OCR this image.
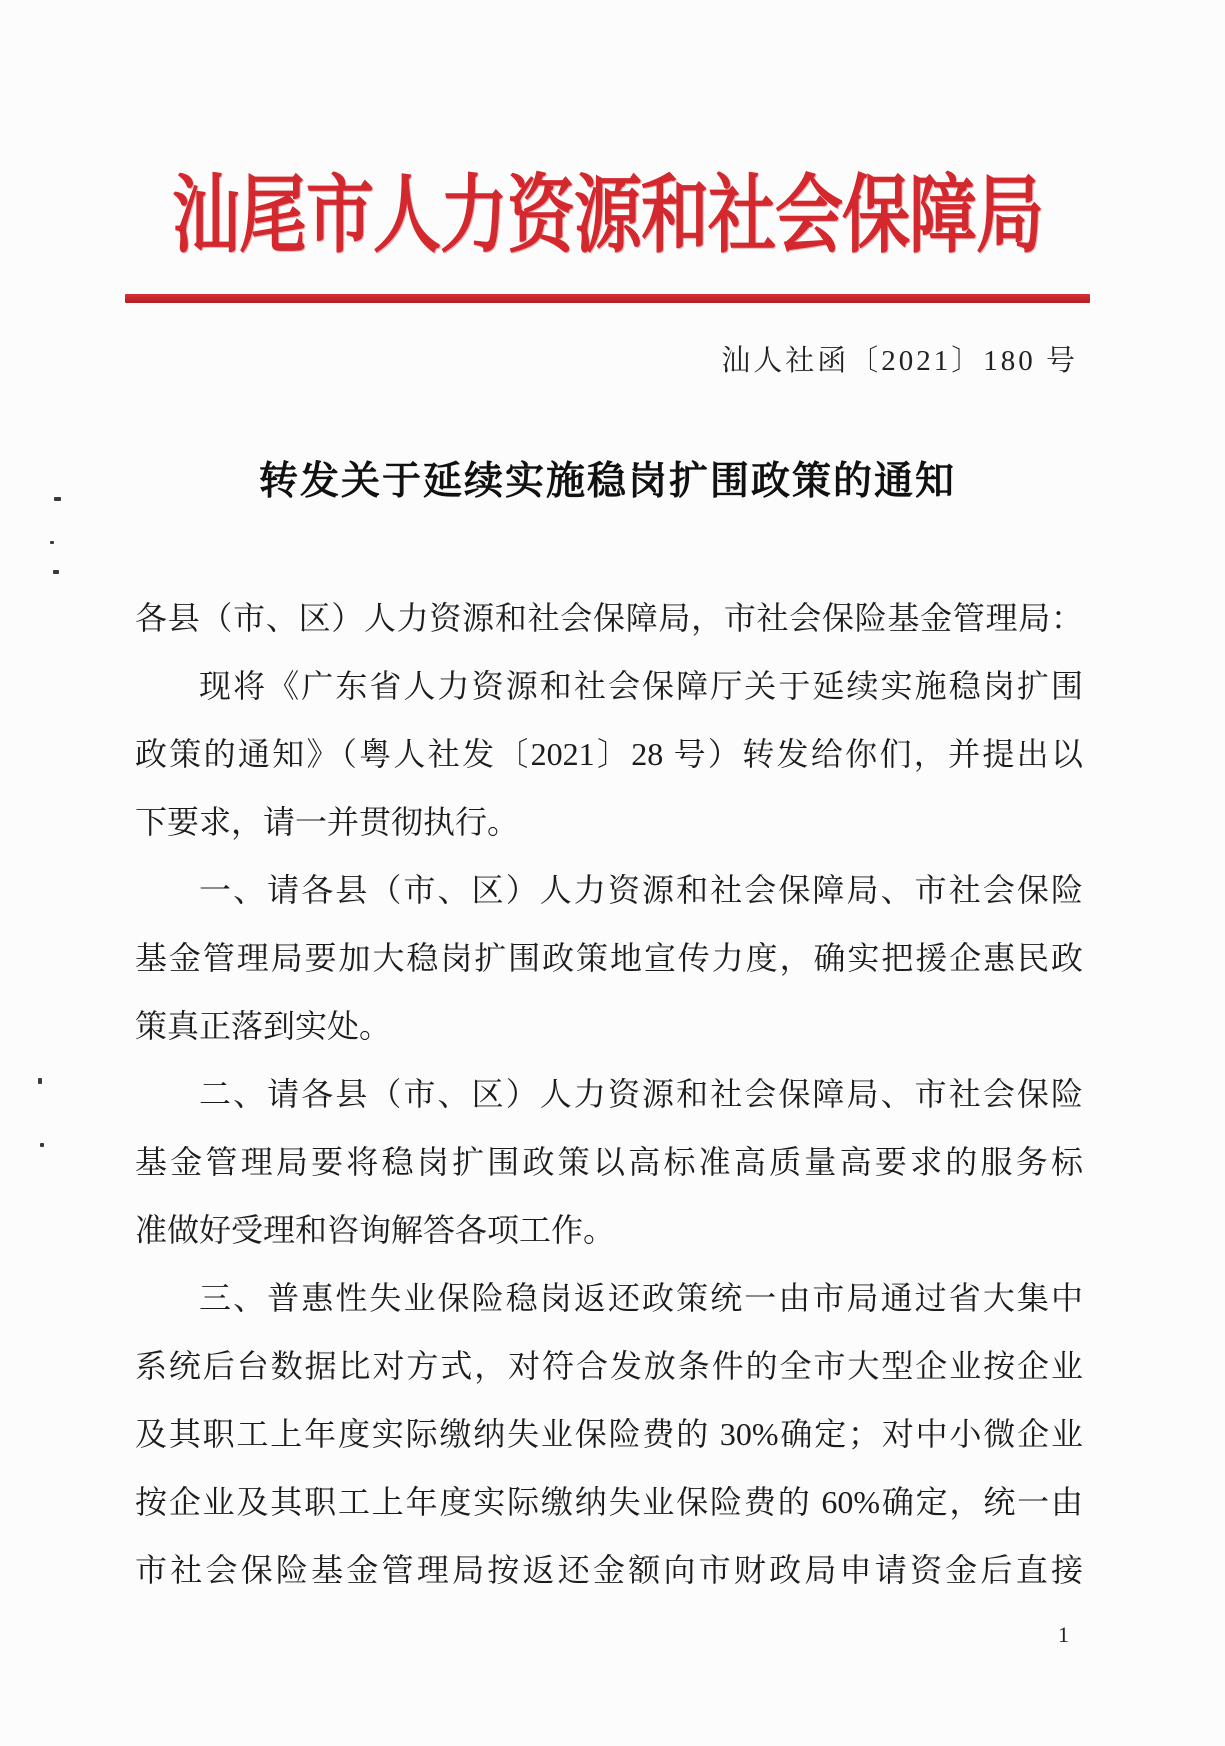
汕尾市人力资源和社会保障局
汕人社函〔2021〕180 号
转发关于延续实施稳岗扩围政策的通知
各县（市、区）人力资源和社会保障局，市社会保险基金管理局：
现将《广东省人力资源和社会保障厅关于延续实施稳岗扩围
政策的通知》（粤人社发〔2021〕28 号）转发给你们，并提出以
下要求，请一并贯彻执行。
一、请各县（市、区）人力资源和社会保障局、市社会保险
基金管理局要加大稳岗扩围政策地宣传力度，确实把援企惠民政
策真正落到实处。
二、请各县（市、区）人力资源和社会保障局、市社会保险
基金管理局要将稳岗扩围政策以高标准高质量高要求的服务标
准做好受理和咨询解答各项工作。
三、普惠性失业保险稳岗返还政策统一由市局通过省大集中
系统后台数据比对方式，对符合发放条件的全市大型企业按企业
及其职工上年度实际缴纳失业保险费的 30%确定；对中小微企业
按企业及其职工上年度实际缴纳失业保险费的 60%确定，统一由
市社会保险基金管理局按返还金额向市财政局申请资金后直接
1
